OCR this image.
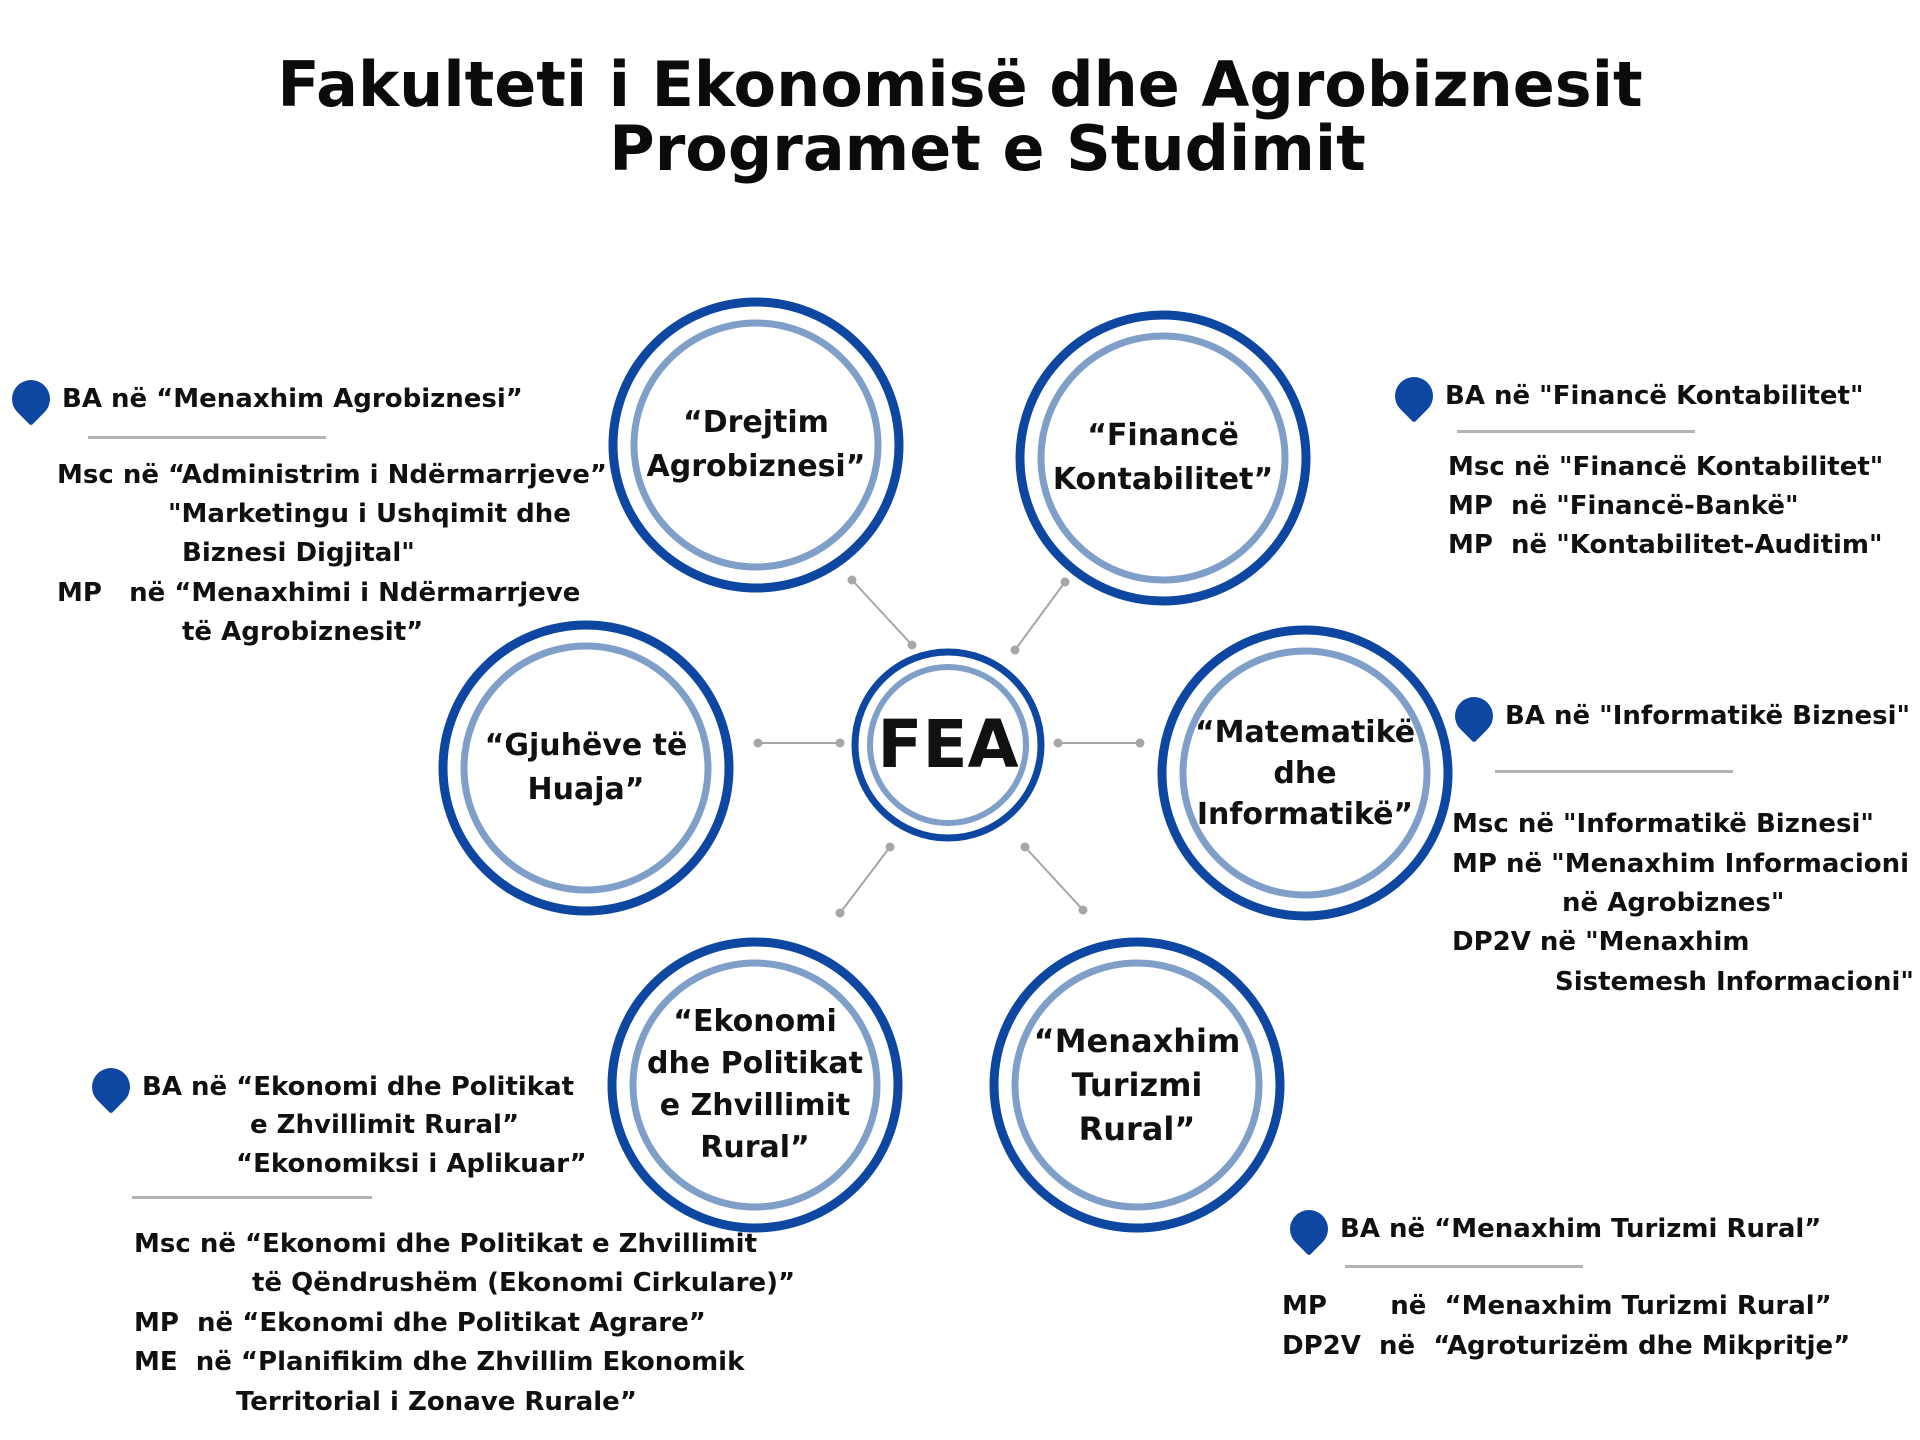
Fakulteti i Ekonomisë dhe Agrobiznesit
Programet e Studimit
FEA
“Drejtim
Agrobiznesi”
“Financë
Kontabilitet”
“Gjuhëve të
Huaja”
“Matematikë
dhe
Informatikë”
“Ekonomi
dhe Politikat
e Zhvillimit
Rural”
“Menaxhim
Turizmi
Rural”
BA në “Menaxhim Agrobiznesi”
Msc në “Administrim i Ndërmarrjeve”
"Marketingu i Ushqimit dhe
Biznesi Digjital"
MP   në “Menaxhimi i Ndërmarrjeve
të Agrobiznesit”
BA në "Financë Kontabilitet"
Msc në "Financë Kontabilitet"
MP  në "Financë-Bankë"
MP  në "Kontabilitet-Auditim"
BA në "Informatikë Biznesi"
Msc në "Informatikë Biznesi"
MP në "Menaxhim Informacioni
në Agrobiznes"
DP2V në "Menaxhim
Sistemesh Informacioni"
BA në “Ekonomi dhe Politikat
e Zhvillimit Rural”
“Ekonomiksi i Aplikuar”
Msc në “Ekonomi dhe Politikat e Zhvillimit
të Qëndrushëm (Ekonomi Cirkulare)”
MP  në “Ekonomi dhe Politikat Agrare”
ME  në “Planifikim dhe Zhvillim Ekonomik
Territorial i Zonave Rurale”
BA në “Menaxhim Turizmi Rural”
MP       në  “Menaxhim Turizmi Rural”
DP2V  në  “Agroturizëm dhe Mikpritje”
